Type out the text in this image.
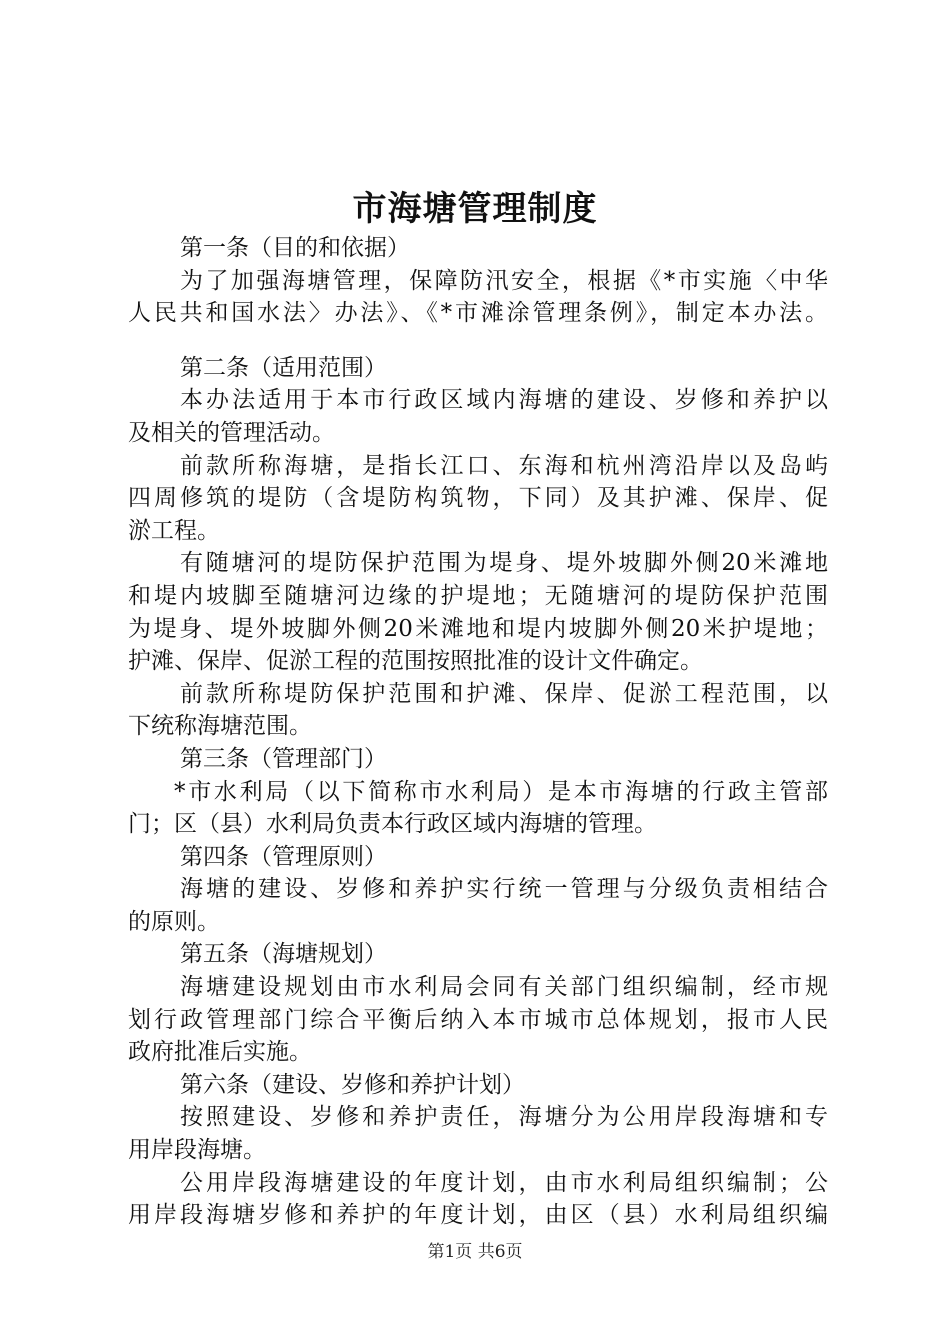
市海塘管理制度
第一条（目的和依据）
为了加强海塘管理，保障防汛安全，根据《*市实施〈中华
人民共和国水法〉办法》、《*市滩涂管理条例》，制定本办法。
第二条（适用范围）
本办法适用于本市行政区域内海塘的建设、岁修和养护以
及相关的管理活动。
前款所称海塘，是指长江口、东海和杭州湾沿岸以及岛屿
四周修筑的堤防（含堤防构筑物，下同）及其护滩、保岸、促
淤工程。
有随塘河的堤防保护范围为堤身、堤外坡脚外侧20米滩地
和堤内坡脚至随塘河边缘的护堤地；无随塘河的堤防保护范围
为堤身、堤外坡脚外侧20米滩地和堤内坡脚外侧20米护堤地；
护滩、保岸、促淤工程的范围按照批准的设计文件确定。
前款所称堤防保护范围和护滩、保岸、促淤工程范围，以
下统称海塘范围。
第三条（管理部门）
*市水利局（以下简称市水利局）是本市海塘的行政主管部
门；区（县）水利局负责本行政区域内海塘的管理。
第四条（管理原则）
海塘的建设、岁修和养护实行统一管理与分级负责相结合
的原则。
第五条（海塘规划）
海塘建设规划由市水利局会同有关部门组织编制，经市规
划行政管理部门综合平衡后纳入本市城市总体规划，报市人民
政府批准后实施。
第六条（建设、岁修和养护计划）
按照建设、岁修和养护责任，海塘分为公用岸段海塘和专
用岸段海塘。
公用岸段海塘建设的年度计划，由市水利局组织编制；公
用岸段海塘岁修和养护的年度计划，由区（县）水利局组织编
第1页 共6页
